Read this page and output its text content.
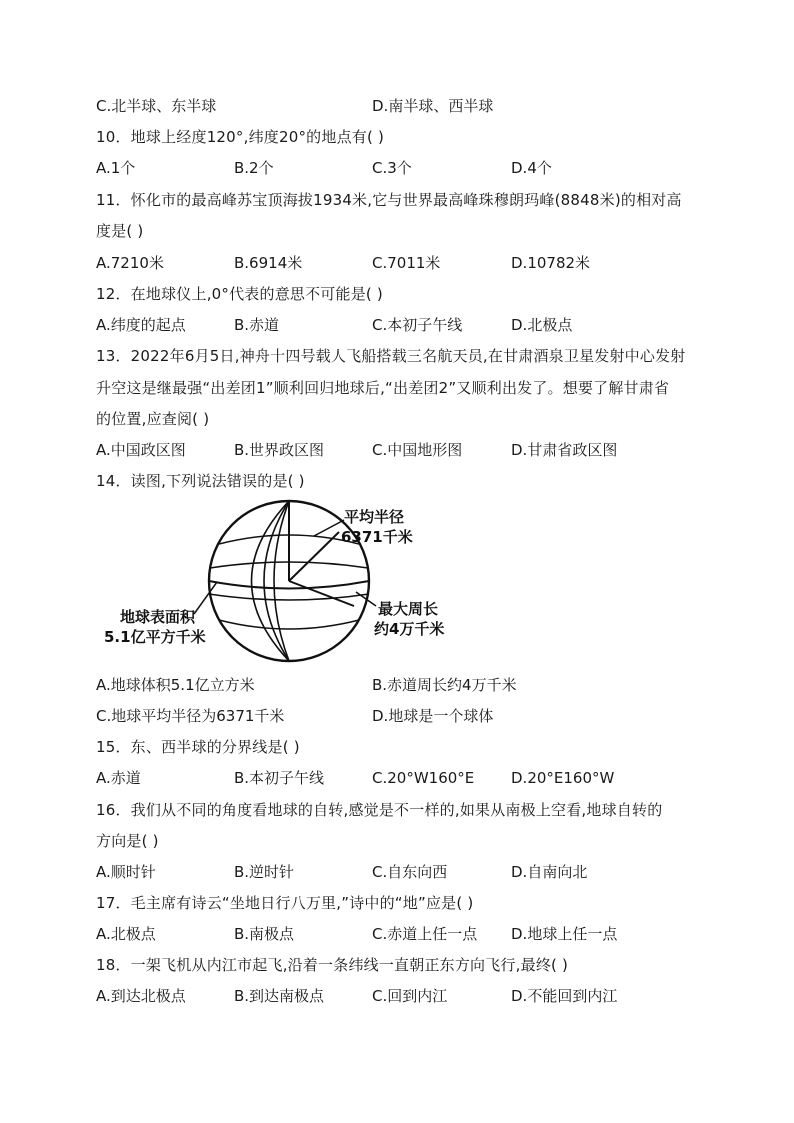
C.北半球、东半球	D.南半球、西半球
10．地球上经度120°,纬度20°的地点有( )
A.1个	B.2个	C.3个	D.4个
11．怀化市的最高峰苏宝顶海拔1934米,它与世界最高峰珠穆朗玛峰(8848米)的相对高
度是( )
A.7210米	B.6914米	C.7011米	D.10782米
12．在地球仪上,0°代表的意思不可能是( )
A.纬度的起点	B.赤道	C.本初子午线	D.北极点
13．2022年6月5日,神舟十四号载人飞船搭载三名航天员,在甘肃酒泉卫星发射中心发射
升空这是继最强“出差团1”顺利回归地球后,“出差团2”又顺利出发了。想要了解甘肃省
的位置,应查阅( )
A.中国政区图	B.世界政区图	C.中国地形图	D.甘肃省政区图
14．读图,下列说法错误的是( )
平均半径
6371千米
地球表面积
5.1亿平方千米
最大周长
约4万千米
A.地球体积5.1亿立方米	B.赤道周长约4万千米
C.地球平均半径为6371千米	D.地球是一个球体
15．东、西半球的分界线是( )
A.赤道	B.本初子午线	C.20°W160°E D.20°E160°W
16．我们从不同的角度看地球的自转,感觉是不一样的,如果从南极上空看,地球自转的
方向是( )
A.顺时针	B.逆时针	C.自东向西	D.自南向北
17．毛主席有诗云“坐地日行八万里,”诗中的“地”应是( )
A.北极点	B.南极点	C.赤道上任一点 D.地球上任一点
18．一架飞机从内江市起飞,沿着一条纬线一直朝正东方向飞行,最终( )
A.到达北极点	B.到达南极点	C.回到内江	D.不能回到内江
